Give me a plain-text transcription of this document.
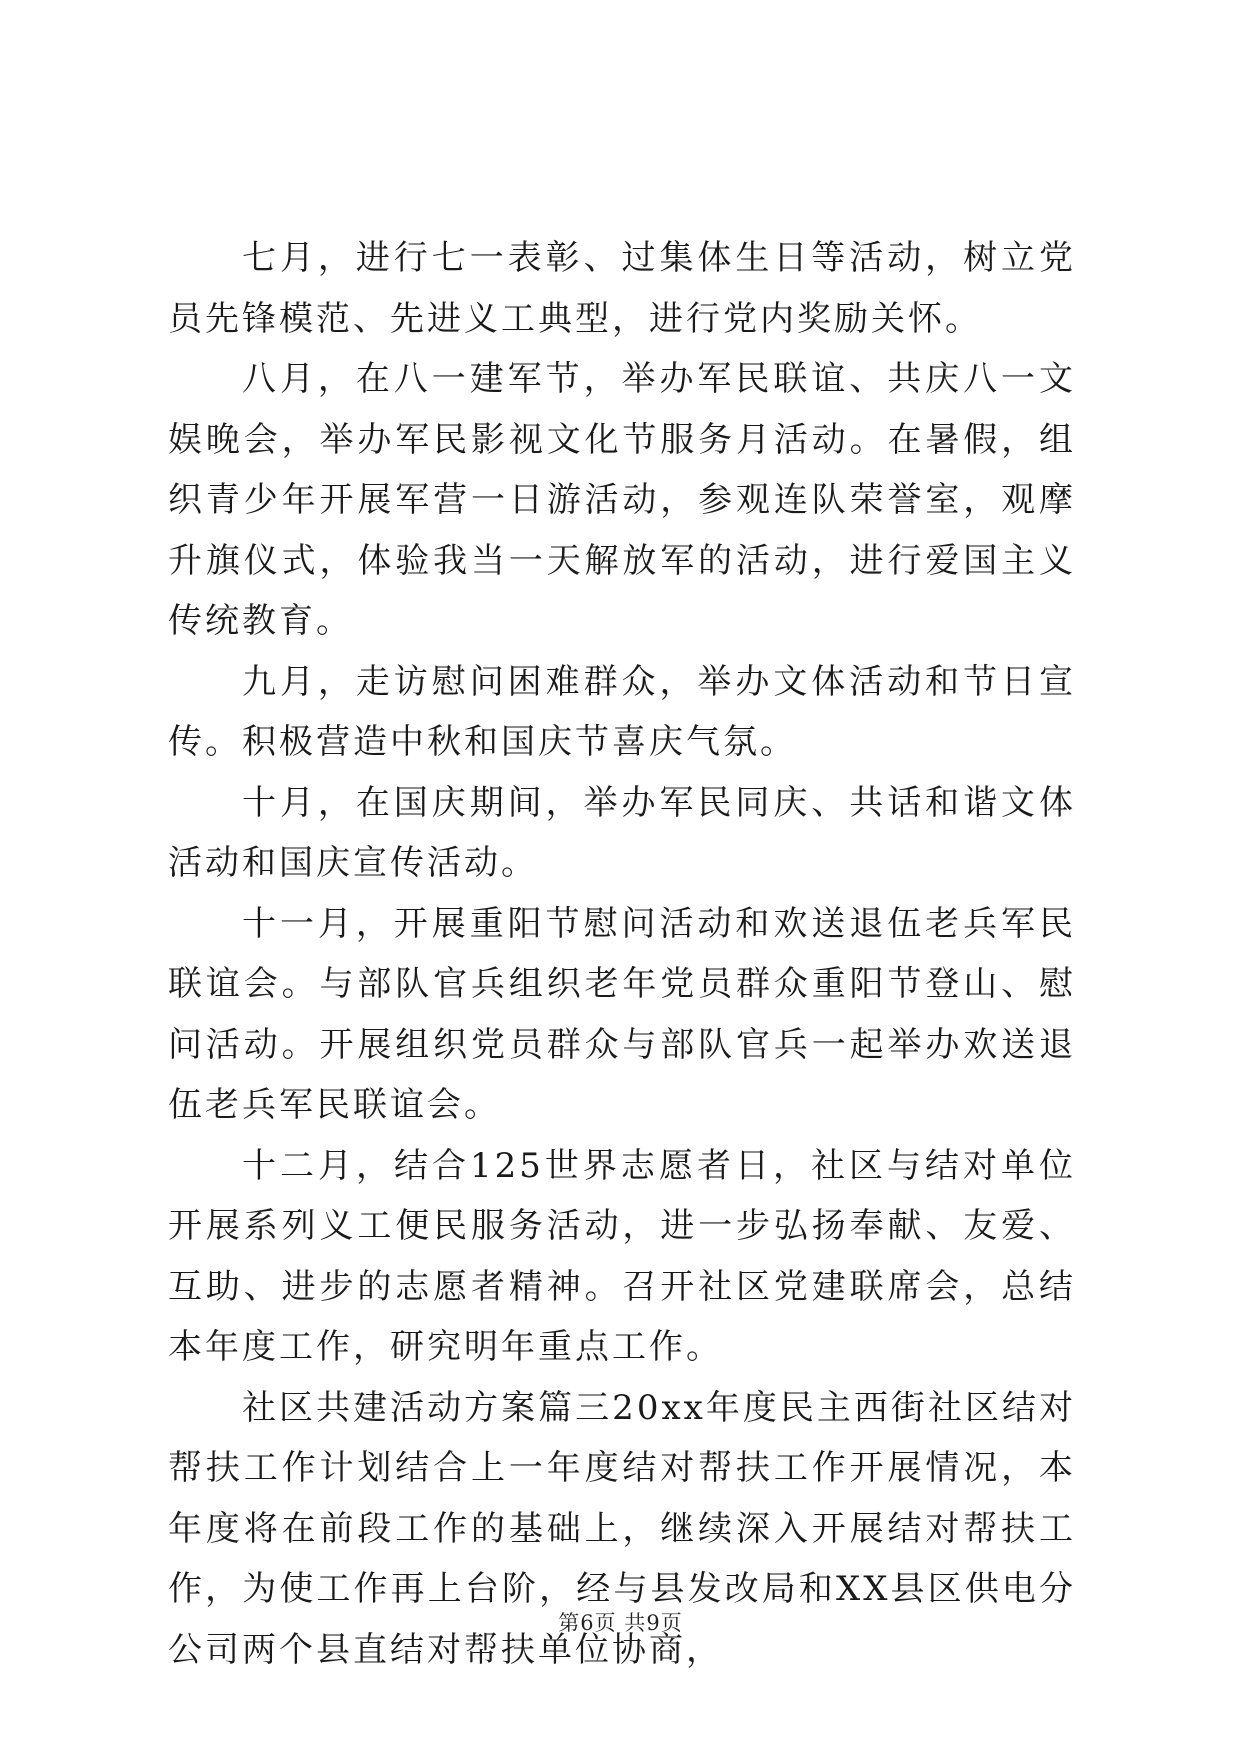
七月，进行七一表彰、过集体生日等活动，树立党员先锋模范、先进义工典型，进行党内奖励关怀。

八月，在八一建军节，举办军民联谊、共庆八一文娱晚会，举办军民影视文化节服务月活动。在暑假，组织青少年开展军营一日游活动，参观连队荣誉室，观摩升旗仪式，体验我当一天解放军的活动，进行爱国主义传统教育。

九月，走访慰问困难群众，举办文体活动和节日宣传。积极营造中秋和国庆节喜庆气氛。

十月，在国庆期间，举办军民同庆、共话和谐文体活动和国庆宣传活动。

十一月，开展重阳节慰问活动和欢送退伍老兵军民联谊会。与部队官兵组织老年党员群众重阳节登山、慰问活动。开展组织党员群众与部队官兵一起举办欢送退伍老兵军民联谊会。

十二月，结合125世界志愿者日，社区与结对单位开展系列义工便民服务活动，进一步弘扬奉献、友爱、互助、进步的志愿者精神。召开社区党建联席会，总结本年度工作，研究明年重点工作。

社区共建活动方案篇三20xx年度民主西街社区结对帮扶工作计划结合上一年度结对帮扶工作开展情况，本年度将在前段工作的基础上，继续深入开展结对帮扶工作，为使工作再上台阶，经与县发改局和XX县区供电分公司两个县直结对帮扶单位协商，

第6页 共9页
